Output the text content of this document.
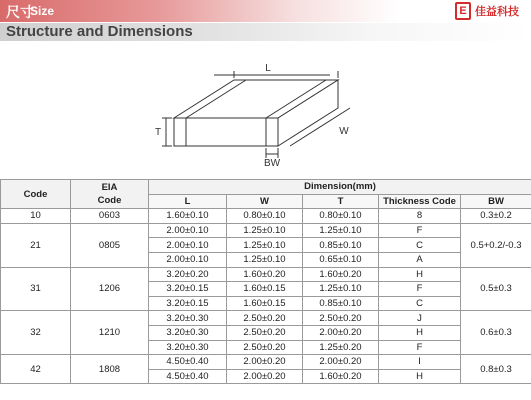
尺寸
Size	E 佳益科技
Structure and Dimensions
L
T	W
BW
Code	EIA
Code	Dimension(mm)				
		L	W	T	Thickness Code	BW
10	0603	1.60±0.10	0.80±0.10	0.80±0.10	8	0.3±0.2
21	0805	2.00±0.10	1.25±0.10	1.25±0.10	F	0.5+0.2/-0.3
		2.00±0.10	1.25±0.10	0.85±0.10	C	
		2.00±0.10	1.25±0.10	0.65±0.10	A	
31	1206	3.20±0.20	1.60±0.20	1.60±0.20	H	0.5±0.3
		3.20±0.15	1.60±0.15	1.25±0.10	F	
		3.20±0.15	1.60±0.15	0.85±0.10	C	
32	1210	3.20±0.30	2.50±0.20	2.50±0.20	J	0.6±0.3
		3.20±0.30	2.50±0.20	2.00±0.20	H	
		3.20±0.30	2.50±0.20	1.25±0.20	F	
42	1808	4.50±0.40	2.00±0.20	2.00±0.20	I	0.8±0.3
		4.50±0.40	2.00±0.20	1.60±0.20	H	
